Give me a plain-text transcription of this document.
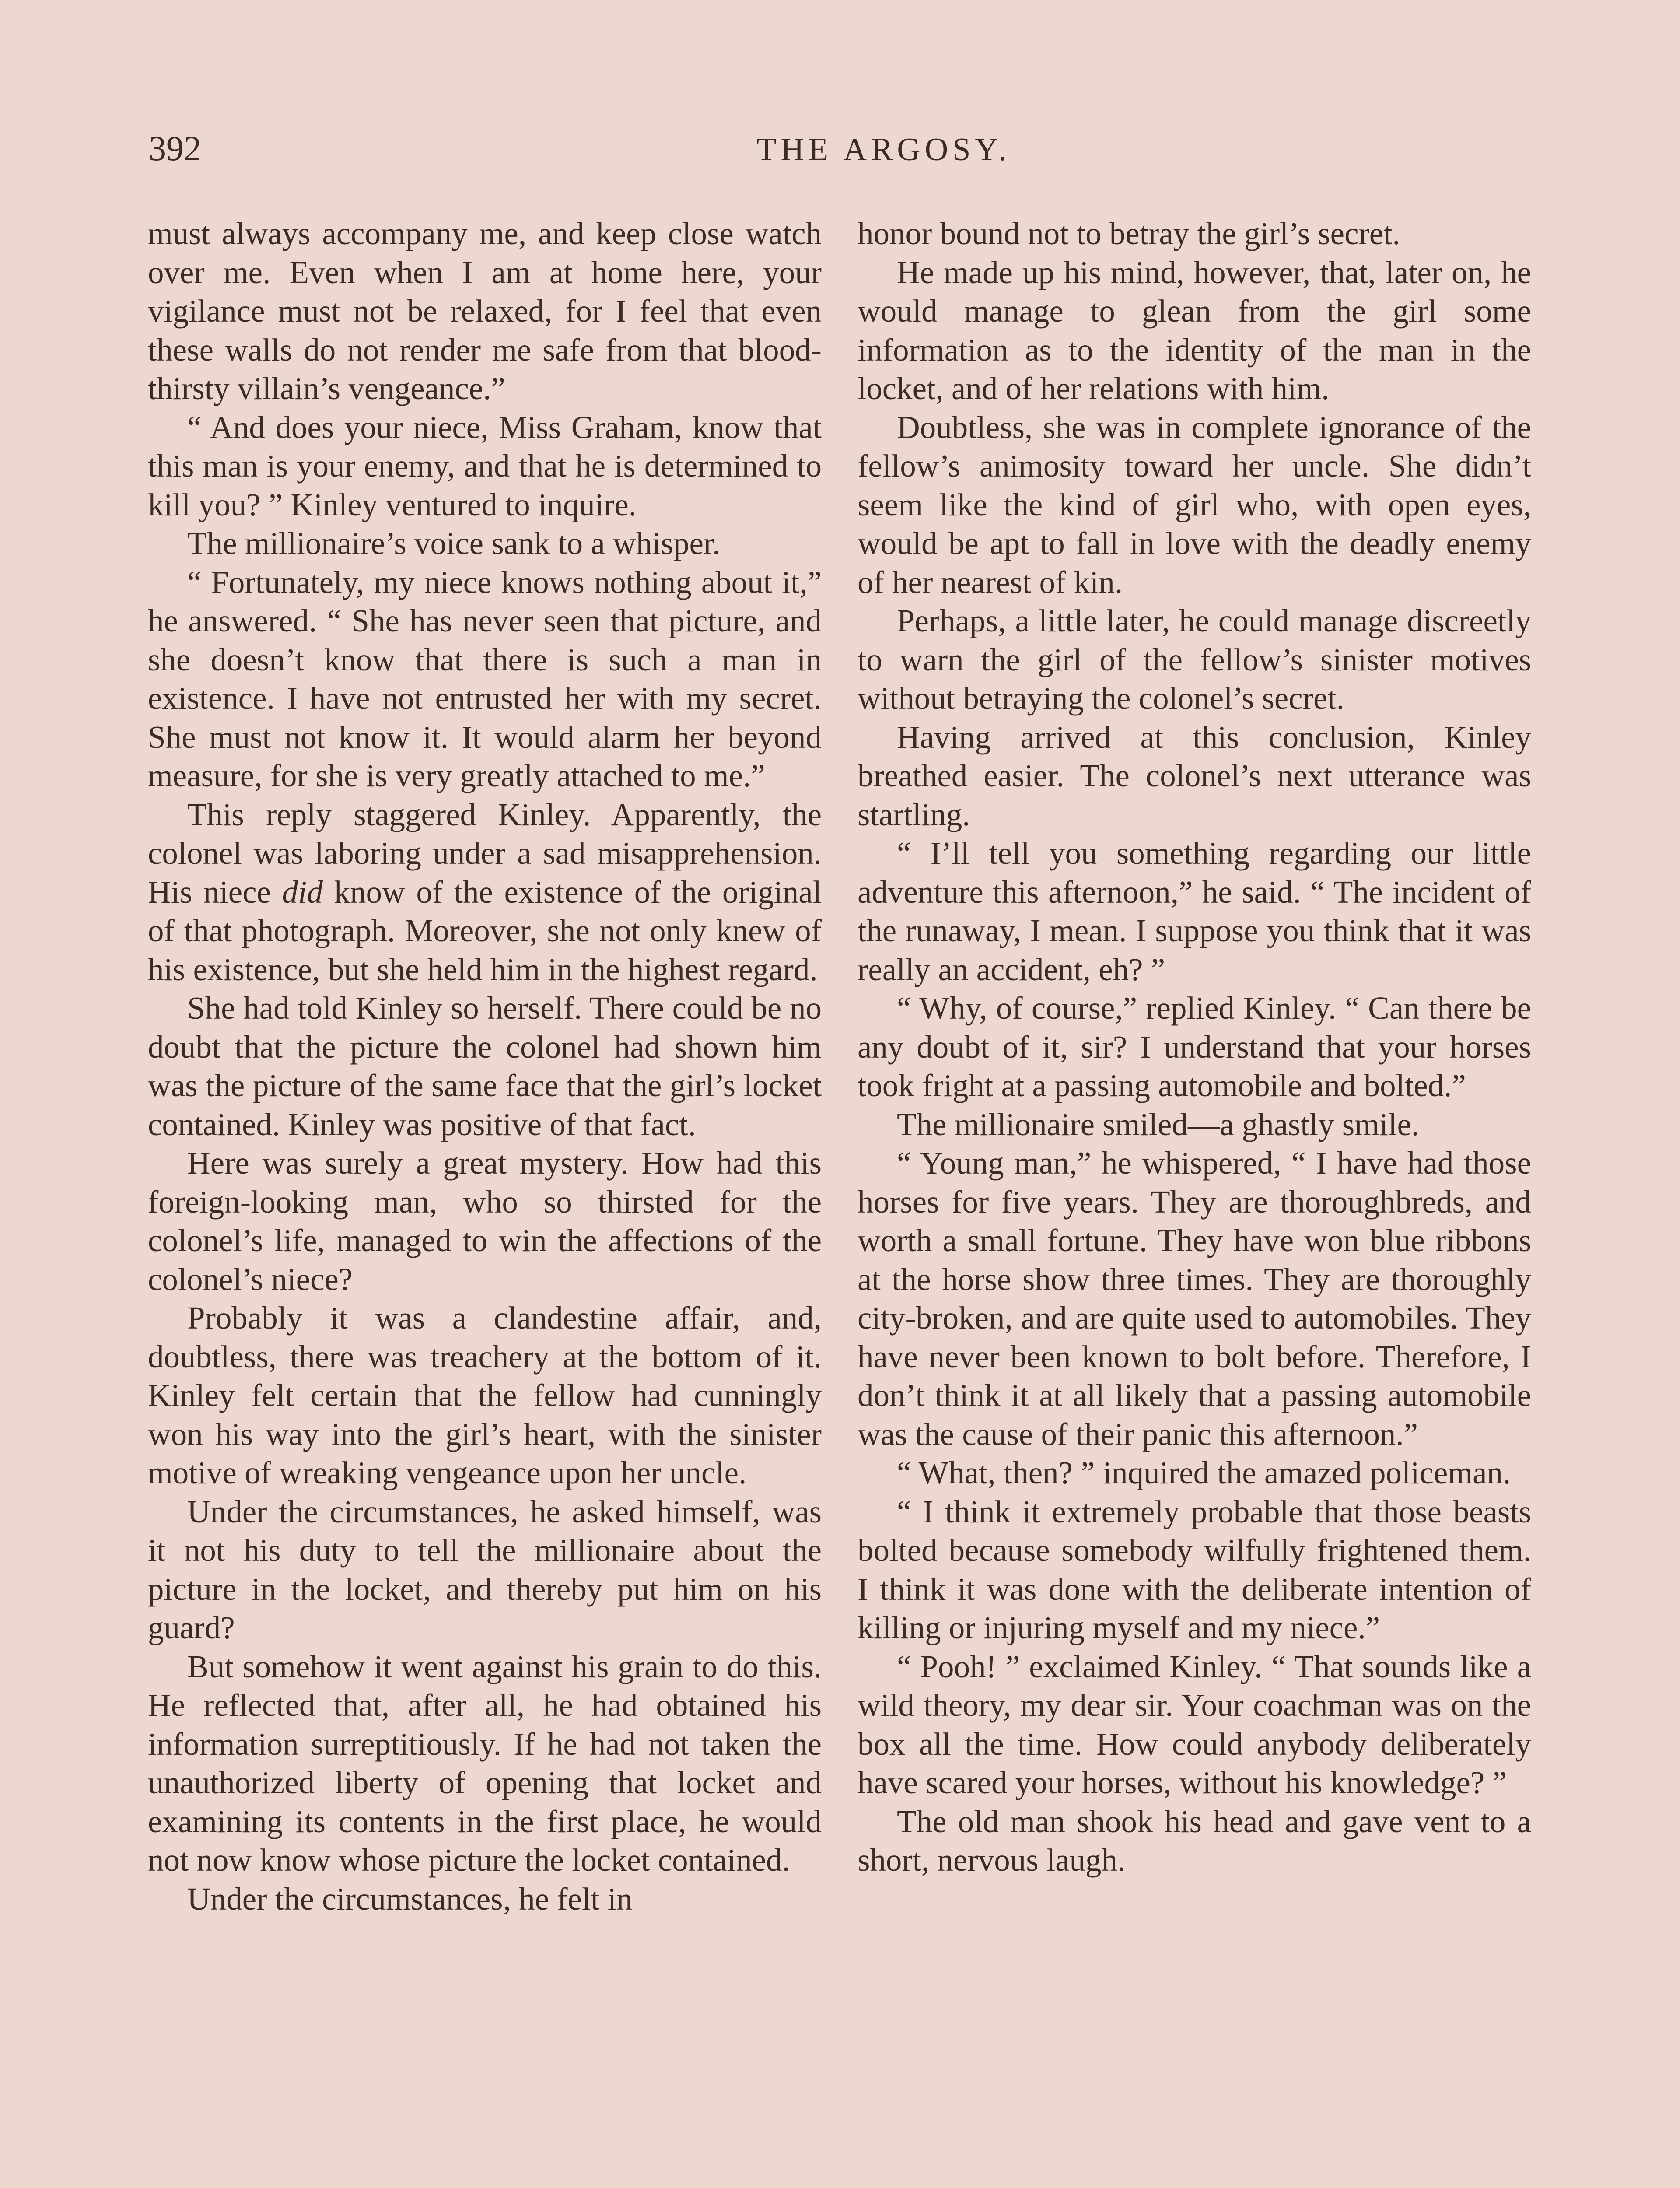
392	THE ARGOSY.

must always accompany me, and keep close watch over me. Even when I am at home here, your vigilance must not be relaxed, for I feel that even these walls do not render me safe from that blood-thirsty villain’s vengeance.”

“ And does your niece, Miss Graham, know that this man is your enemy, and that he is determined to kill you? ” Kinley ventured to inquire.

The millionaire’s voice sank to a whisper.

“ Fortunately, my niece knows nothing about it,” he answered. “ She has never seen that picture, and she doesn’t know that there is such a man in existence. I have not entrusted her with my secret. She must not know it. It would alarm her beyond measure, for she is very greatly attached to me.”

This reply staggered Kinley. Apparently, the colonel was laboring under a sad misapprehension. His niece did know of the existence of the original of that photograph. Moreover, she not only knew of his existence, but she held him in the highest regard.

She had told Kinley so herself. There could be no doubt that the picture the colonel had shown him was the picture of the same face that the girl’s locket contained. Kinley was positive of that fact.

Here was surely a great mystery. How had this foreign-looking man, who so thirsted for the colonel’s life, managed to win the affections of the colonel’s niece?

Probably it was a clandestine affair, and, doubtless, there was treachery at the bottom of it. Kinley felt certain that the fellow had cunningly won his way into the girl’s heart, with the sinister motive of wreaking vengeance upon her uncle.

Under the circumstances, he asked himself, was it not his duty to tell the millionaire about the picture in the locket, and thereby put him on his guard?

But somehow it went against his grain to do this. He reflected that, after all, he had obtained his information surreptitiously. If he had not taken the unauthorized liberty of opening that locket and examining its contents in the first place, he would not now know whose picture the locket contained.

Under the circumstances, he felt in

honor bound not to betray the girl’s secret.

He made up his mind, however, that, later on, he would manage to glean from the girl some information as to the identity of the man in the locket, and of her relations with him.

Doubtless, she was in complete ignorance of the fellow’s animosity toward her uncle. She didn’t seem like the kind of girl who, with open eyes, would be apt to fall in love with the deadly enemy of her nearest of kin.

Perhaps, a little later, he could manage discreetly to warn the girl of the fellow’s sinister motives without betraying the colonel’s secret.

Having arrived at this conclusion, Kinley breathed easier. The colonel’s next utterance was startling.

“ I’ll tell you something regarding our little adventure this afternoon,” he said. “ The incident of the runaway, I mean. I suppose you think that it was really an accident, eh? ”

“ Why, of course,” replied Kinley. “ Can there be any doubt of it, sir? I understand that your horses took fright at a passing automobile and bolted.”

The millionaire smiled—a ghastly smile.

“ Young man,” he whispered, “ I have had those horses for five years. They are thoroughbreds, and worth a small fortune. They have won blue ribbons at the horse show three times. They are thoroughly city-broken, and are quite used to automobiles. They have never been known to bolt before. Therefore, I don’t think it at all likely that a passing automobile was the cause of their panic this afternoon.”

“ What, then? ” inquired the amazed policeman.

“ I think it extremely probable that those beasts bolted because somebody wilfully frightened them. I think it was done with the deliberate intention of killing or injuring myself and my niece.”

“ Pooh! ” exclaimed Kinley. “ That sounds like a wild theory, my dear sir. Your coachman was on the box all the time. How could anybody deliberately have scared your horses, without his knowledge? ”

The old man shook his head and gave vent to a short, nervous laugh.
